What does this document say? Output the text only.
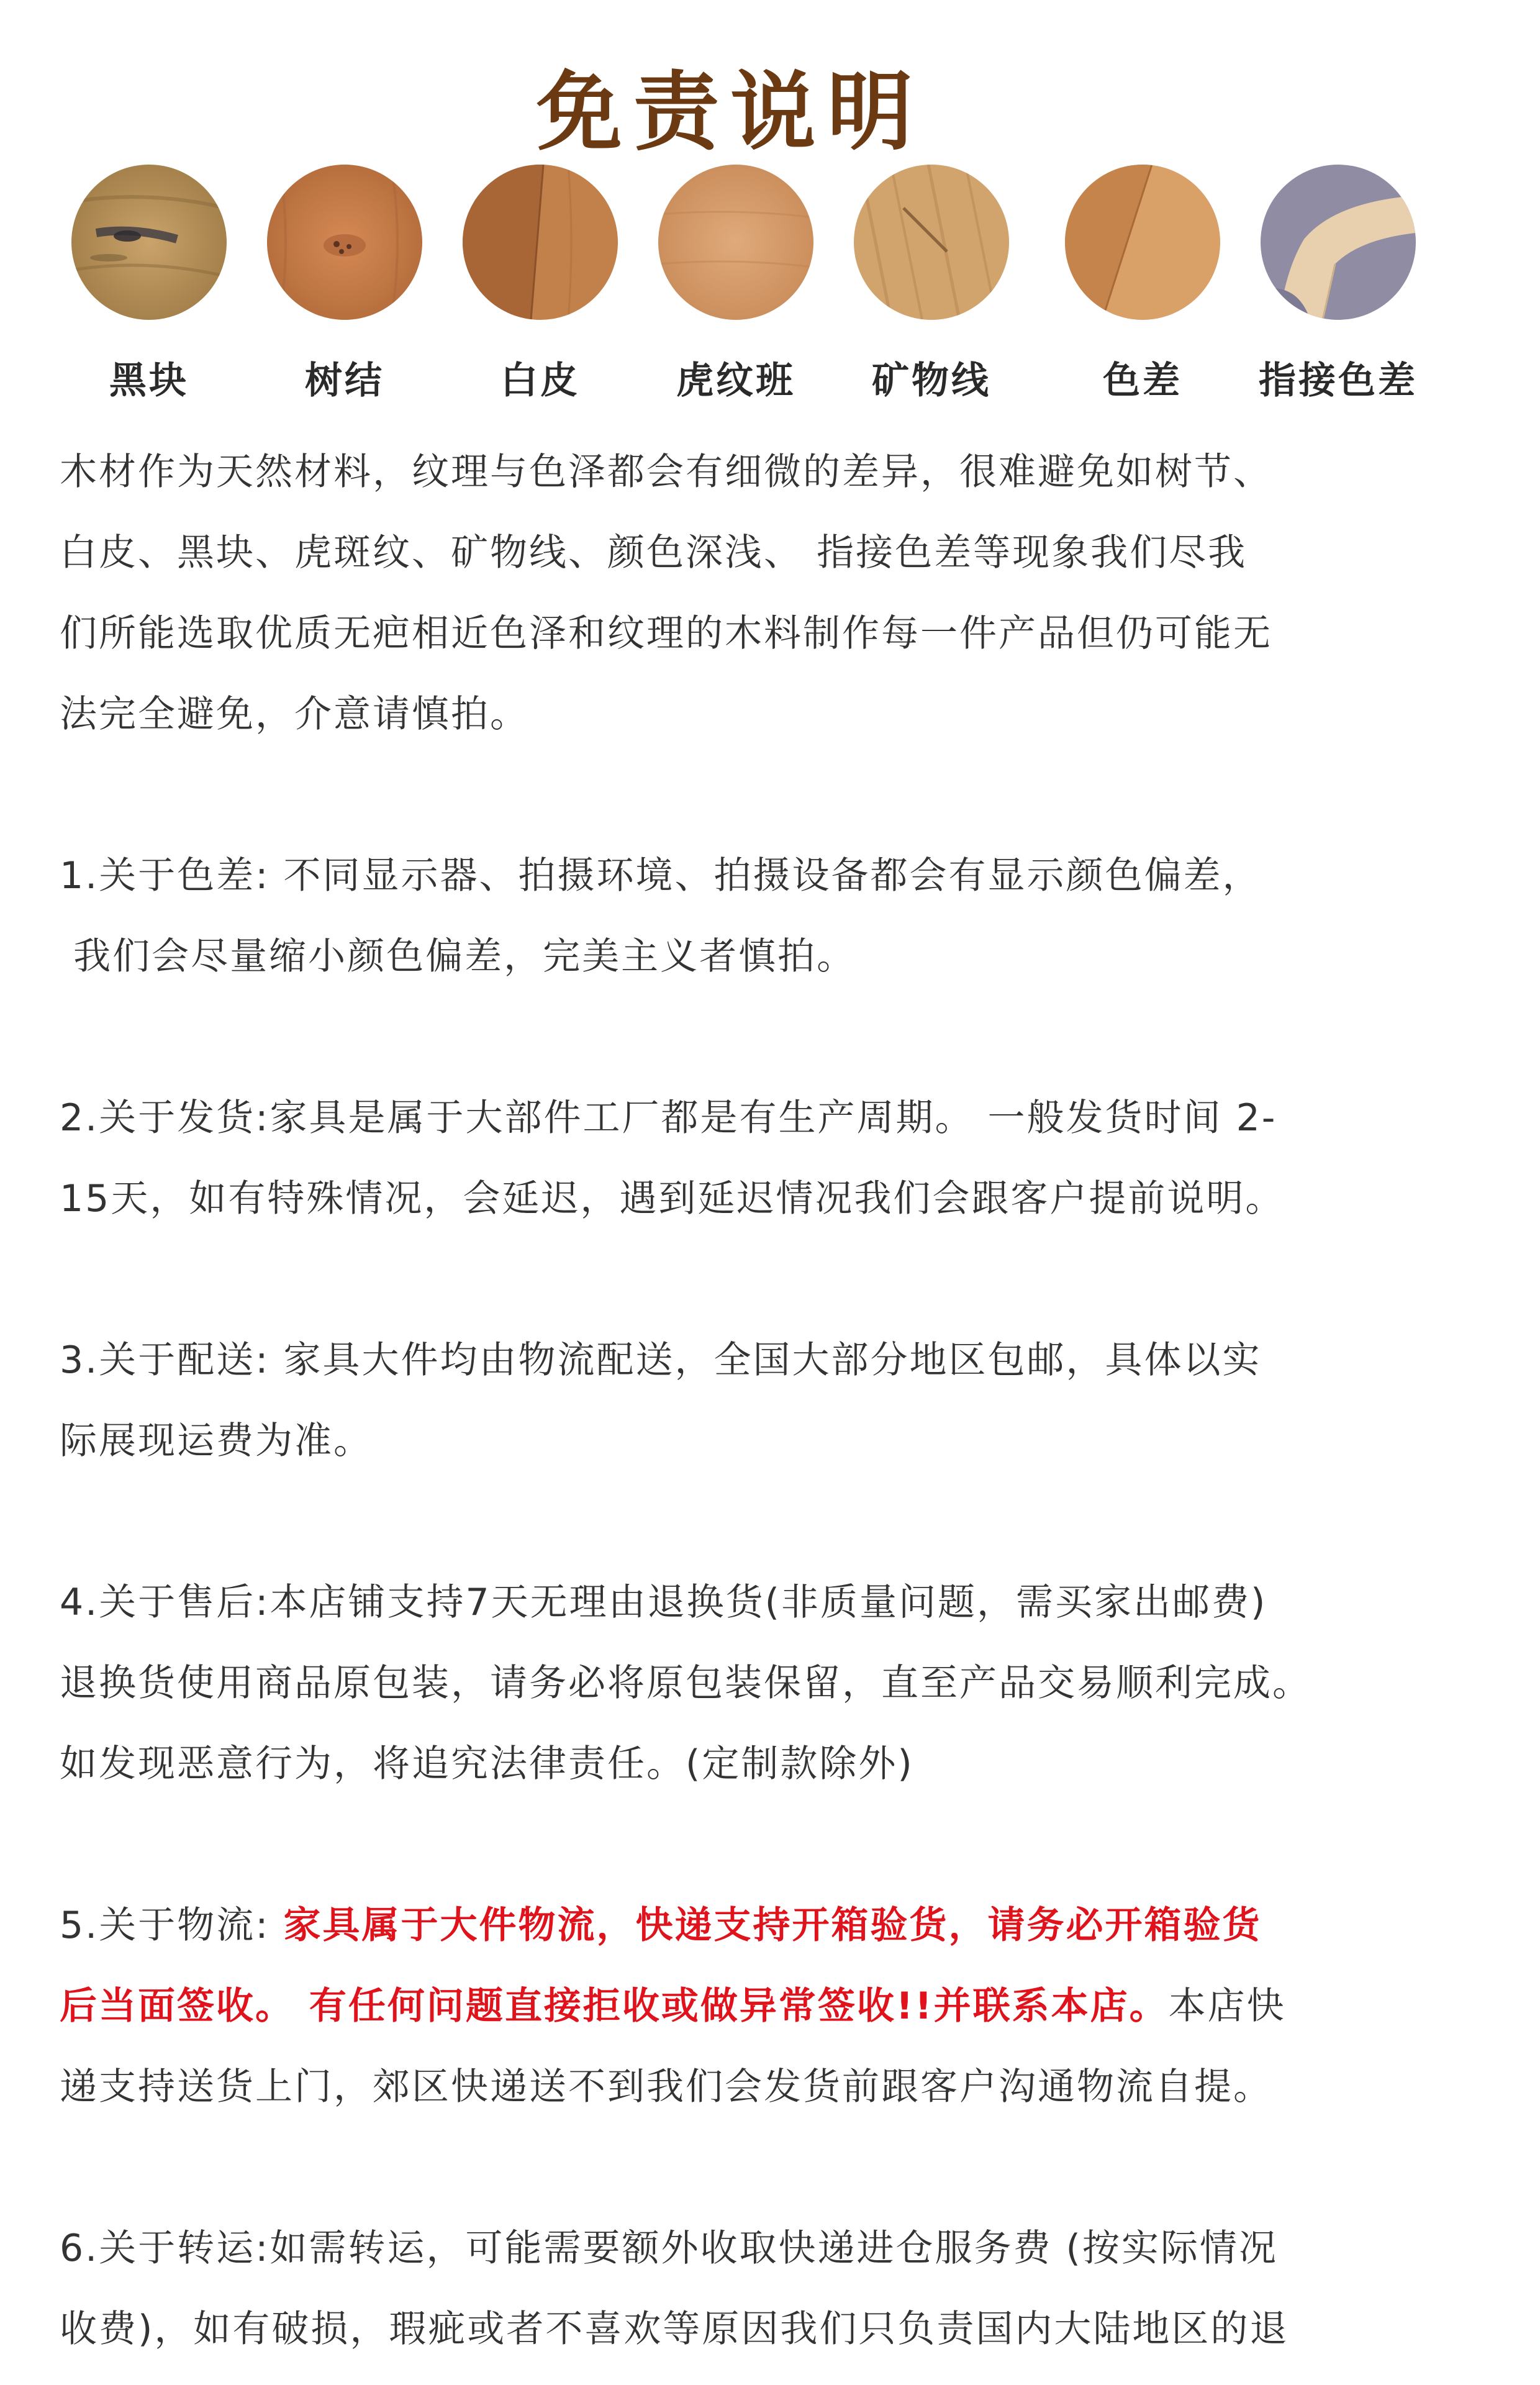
免责说明
黑块	树结	白皮	虎纹班	矿物线	色差	指接色差

木材作为天然材料，纹理与色泽都会有细微的差异，很难避免如树节、
白皮、黑块、虎斑纹、矿物线、颜色深浅、 指接色差等现象我们尽我
们所能选取优质无疤相近色泽和纹理的木料制作每一件产品但仍可能无
法完全避免，介意请慎拍。

1.关于色差: 不同显示器、拍摄环境、拍摄设备都会有显示颜色偏差，
我们会尽量缩小颜色偏差，完美主义者慎拍。

2.关于发货:家具是属于大部件工厂都是有生产周期。 一般发货时间 2-
15天，如有特殊情况，会延迟，遇到延迟情况我们会跟客户提前说明。

3.关于配送: 家具大件均由物流配送，全国大部分地区包邮，具体以实
际展现运费为准。

4.关于售后:本店铺支持7天无理由退换货(非质量问题，需买家出邮费)
退换货使用商品原包装，请务必将原包装保留，直至产品交易顺利完成。
如发现恶意行为，将追究法律责任。(定制款除外)

5.关于物流: 家具属于大件物流，快递支持开箱验货，请务必开箱验货
后当面签收。 有任何问题直接拒收或做异常签收!!并联系本店。本店快
递支持送货上门，郊区快递送不到我们会发货前跟客户沟通物流自提。

6.关于转运:如需转运，可能需要额外收取快递进仓服务费 (按实际情况
收费)，如有破损，瑕疵或者不喜欢等原因我们只负责国内大陆地区的退
